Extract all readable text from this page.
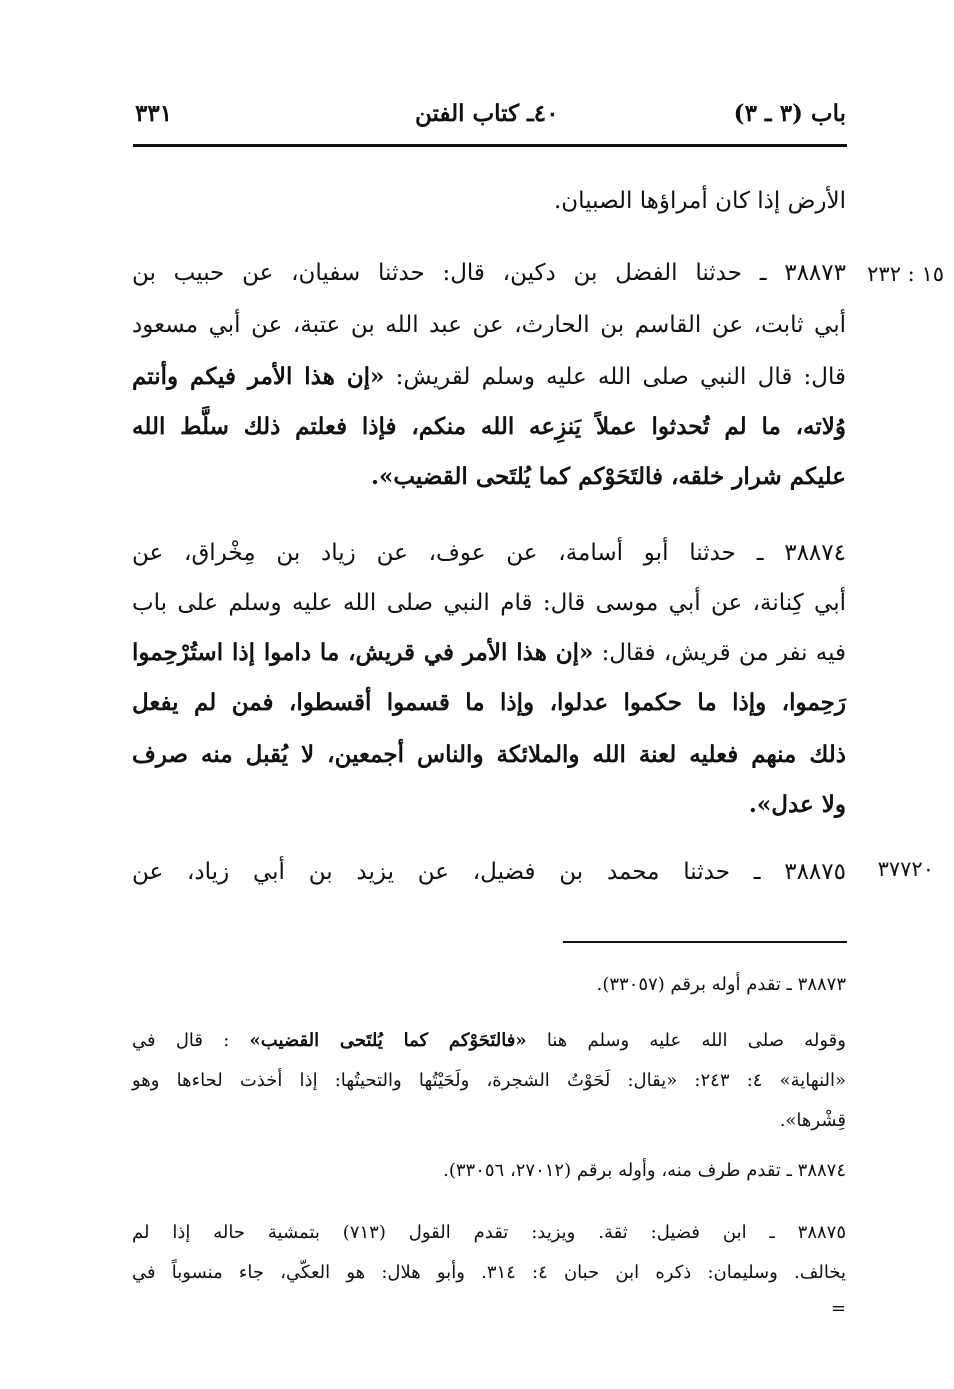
باب (٣ ـ ٣)
٤٠ـ كتاب الفتن
٣٣١
١٥ : ٢٣٢
٣٧٧٢٠
الأرض إذا كان أمراؤها الصبيان.
٣٨٨٧٣ ـ حدثنا الفضل بن دكين، قال: حدثنا سفيان، عن حبيب بن
أبي ثابت، عن القاسم بن الحارث، عن عبد الله بن عتبة، عن أبي مسعود
قال: قال النبي صلى الله عليه وسلم لقريش: «إن هذا الأمر فيكم وأنتم
وُلاته، ما لم تُحدثوا عملاً يَنزِعه الله منكم، فإذا فعلتم ذلك سلَّط الله
عليكم شرار خلقه، فالتَحَوْكم كما يُلتَحى القضيب».
٣٨٨٧٤ ـ حدثنا أبو أسامة، عن عوف، عن زياد بن مِخْراق، عن
أبي كِنانة، عن أبي موسى قال: قام النبي صلى الله عليه وسلم على باب
فيه نفر من قريش، فقال: «إن هذا الأمر في قريش، ما داموا إذا استُرْحِموا
رَحِموا، وإذا ما حكموا عدلوا، وإذا ما قسموا أقسطوا، فمن لم يفعل
ذلك منهم فعليه لعنة الله والملائكة والناس أجمعين، لا يُقبل منه صرف
ولا عدل».
٣٨٨٧٥ ـ حدثنا محمد بن فضيل، عن يزيد بن أبي زياد، عن
٣٨٨٧٣ ـ تقدم أوله برقم (٣٣٠٥٧).
وقوله صلى الله عليه وسلم هنا «فالتَحَوْكم كما يُلتَحى القضيب» : قال في
«النهاية» ٤: ٢٤٣: «يقال: لَحَوْتُ الشجرة، ولَحَيْتُها والتحيتُها: إذا أخذت لحاءها وهو
قِشْرها».
٣٨٨٧٤ ـ تقدم طرف منه، وأوله برقم (٢٧٠١٢، ٣٣٠٥٦).
٣٨٨٧٥ ـ ابن فضيل: ثقة. ويزيد: تقدم القول (٧١٣) بتمشية حاله إذا لم
يخالف. وسليمان: ذكره ابن حبان ٤: ٣١٤. وأبو هلال: هو العكّي، جاء منسوباً في
=
